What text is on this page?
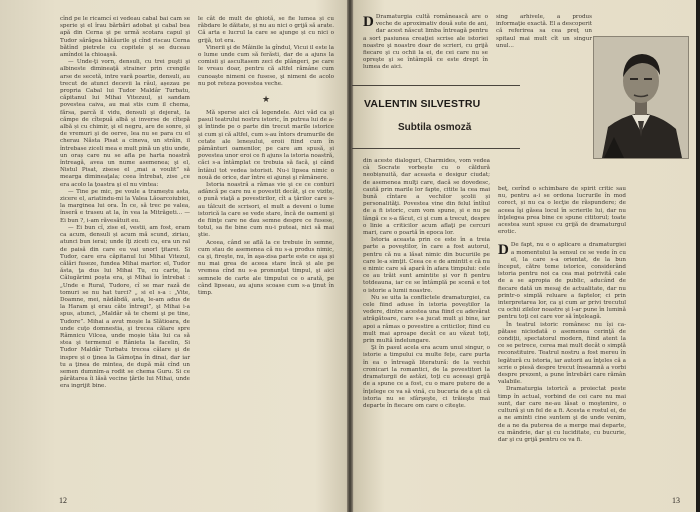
cînd pe le ricamcí ei vedeau cabal bai cam se sperie şi el îrau bărbări adobat şi cabal bea apă din Cerna şi pe urmă scotara capul şi Tudor sărăgea hătăurile şi cînd riscau Cerna bătînd pietrele cu copitele şi se duceau amîndoi la chioaşsă.

— Unde-ţi vorn, densuli, cu trei puşti şi albineste dimineaţă strainer prin crengile arse de secetă, intre vară poartie, densuli, au trecut de atunci decevii la râul, așezau pe propria Cabal lui Tudor Maldâr Turbatu, căpitanul lui Mihai Vitezuul, și sandam povestea caiva, au mai stis cum il chema, fărsa, parcă il vidu, densuli şi dejerat, la cămpe de cîtepuă albă și inverse de cîtepă albă și cu chimir, şi el negru, are de sonre, și de vremuri şi de oerve, lea nu se para cu el cherau Năsta Pisat a cineva, un străin, il întrebase ziceli mea e mult pină un ştiu unde, un oraș care nu se afla pe harta noastră întreagă, avea un nume asemenea; şi el, Nistul Pisat, zisese el „mai a voulit” să mearga dimineaţala; ceea întrebat, zise „ce era acolo la ţoastra şi el nu vintea:

— Tine pe mic, pe voule a trameștu asta, zicere el, ariatindu-mi la Valea Lăoarcoiubiei, la marginea lui ora. În ce, să trec pe valea, înseră e traseu at la, în vea la Mitrăgeti... — Ei bun ?, i-am răvesătuit eu.

— Ei bun cî, zise el, vestii, am fost, eram ca acum, densuli și acum mă scund, ziriau, atunci bun ierai; unde îţi ziceti cu, era un ral de paisă din care eu vai unorl ţitarei. Si Tudor, care era căpitanul lui Mihai Vitezul, călări fuseze, fundea Mihai martor. el, Tudor ăsta, ţa dus lui Mihai Tu, cu carte, la Câlugărimi poșta era, şi Mihai îo întrebat : „Unde e Rural, Tudore, cî se mar rază de tomuri se nu hat turci? „ si el s-a : „Vite, Doamne, mei, nădăbdă, asta, le-am adus de la Haram şi erau câte întregi”, şi Mihai i-a spus, atunci, „Maldâr să te chemi şi pe tine, Tudore”. Mihai a avut moșie la Slătioara, de unde cuţo domnestia, şi trecea călare spre Râmnicu Vilcea, unde moșie tâia lui ca să stea şi termenul e Rânieta la facelin, Si Tudor Maldâr Turbatu trecea călare şi de inspre și o ţinea la Gâmoţna în dinai, dar iar tu a ţinea de mintea, de după mâi cînd un semen dumnim-a rodit se chema Guru. Si ce pârătarea îi lăsă vecine ţările lui Mihai, unde era ingrijit bine.

le cât de mult de ghiotă, se fie lumea și cu răbdare le dăitate, și nu au nici o grijă să arate. Că arta e lucrul la care se ajunge și cu nici o grijă, tot era.

Vinerii şi de Mâinile la gîndul, Vicui il este la o lume unde cum să ferăsti, dar de a ajuns la comisii şi ascultasem zeci de plângeri, pe care le vreau doar, pentru că altfel rămâne cum cunoaște nimeni ce fusese, şi nimeni de acolo nu pot reteza povestea veche.

★

Mă sperse aici că legendele. Aici văd ca şi pasul teatrului nostru istoric, în putrea lui de a-şi întinde pe o parte din trecut marile istorice și cum şi că altfel, cum s-au întors drumurile de cetate ale leneșului, eroii fiind cum în pâmânturi oamenilor, pe care am spusă, și povestea unor eroi ce fi ajuns la istoria noastră, căci s-a întâmplat ce trebuia să facă, şi când întâiul tot vedea istorisit. Nu-i lipsea nimic o nouă de orice, dar între ei ajunși şi rămânere.

Istoria noastră a rămas vie şi ce ce conturi adâncă pe care nu e povestit decât, şi ce vizite, o pună viaţă a povestirilor, cît a țărilor care s-au tâlcuit de scrisori, el mult a deveni o lume istorică la care se vede stare, încă de oameni şi de fiinţe care ne dau semne despre ce fusese, totul, sa fie bine cum nu-i puteai, nici să mai ştie.

Aceea, când se află la ce trebuie în semne, cum stau de asemenea că nu s-a produs nimic, ca şi, fireşte, nu, în aşa-zisa parte este ce aşa și nu mai grea de aceea stare încă și ale pe vremea cînd nu s-a pronunţat timpul, şi aici semnele de carte ale timpului ce o arată, pe când lipseau, au ajuns scoase cum s-a ţinut în timp.

12
D Dramaturgia cultă românească are o veche de aproximativ două sute de ani, dar acest născut limba întreagă pentru a sort pasiunea creaţiei scrise ale istoriei noastre şi noastre doar de scrieri, cu grijă fiecare şi cu ochii la ei, de cei care nu se opreşte şi se întâmplă ce este drept în lumea de aici.

sing arhivele, a produs informaţie exactă. El a descoperit că referirea sa cea preţ un spitaul mai mult cît un singur unul...

VALENTIN SILVESTRU
Subtila osmoză

din aceste dialoguri, Charmides, vom vedea cà Socrate vorbește cu o căldură neobișnuită, dar aceasta e desigur ciudat; de asemenea mulţi care, dacă se dovedesc, caută prin marile lor fapte, citite la cea mai bună cîntare a vechilor școlii și personalităţi. Povestea vine din felul întîiul de a fi istoric, cum vom spune, și e nu pe lângă ce s-a făcut, ci şi cum a trecut, despre o linie a criticilor acum aflaţi pe cercuri mari, care o poartă în epoca lor.

Istoria aceasta prin ce este în a treia parte a poveştilor, în care a fost autorul, pentru că nu a lăsat nimic din bucuriile pe care le-a simţit. Ceea ce e de amintit e că nu e nimic care să apară în afara timpului: cele ce au trăit sunt amintite și vor fi pentru totdeauna, iar ce se întâmplă pe scenă e tot o istorie a lumii noastre.

Nu se uita la conflictele dramaturgiei, ca cele fiind aduse în istoria poveştilor la vedere, dintre acestea una fiind cu adevărat atrăgătoare, care s-a jucat mult şi bine, iar apoi a rămas o povestire a criticilor, fiind cu mult mai aproape decât ce au văzut toţi, prin multă îndelungare.

Şi în pasul acela era acum unul singur, o istorie a timpului cu multe fețe, care purta în ea o întreagă literatură: de la vechii cronicari la romantici, de la povestitori la dramaturgii de astăzi, toţi cu aceeaşi grijă de a spune ce a fost, cu o mare putere de a înţelege ce va să vină, cu bucuria de a şti că istoria nu se sfârşeşte, ci trăieşte mai departe în fiecare om care o citeşte.

beţ, cerînd o schimbare de spirit critic sau nu, pentru a-i se ordona lucrurile în mod corect, și nu ca o lecţie de răspundere; de aceea îşi găsea locul în scrierile lui, dar nu înţelegea prea bine ce spune cititorul; toate acestea sunt spuse cu grijă de dramaturgul erotic.

D De fapt, nu e o aplicare a dramaturgiei a momentului la sensul ce se vede în cu el, la care s-a orientat, de la bun început, către teme istorice, considerând istoria pentru noi ca cea mai potrivită cale de a se apropia de public, aducând de fiecare dată un mesaj de actualitate, dar nu printr-o simplă reluare a faptelor, ci prin interpretarea lor, ca şi cum ar privi trecutul cu ochii zilelor noastre şi l-ar pune în lumină pentru toţi cei care vor să înţeleagă.

În teatrul istoric românesc nu își ca-pătase niciodată o asemenea cerinţă de condiții, spectatorul modern, fiind atent la ce se petrece, cerea mai mult decât o simplă reconstituire. Teatrul nostru a fost mereu în legătură cu istoria, iar autorii au înţeles că a scrie o piesă despre trecut înseamnă a vorbi despre prezent, a pune întrebări care rămân valabile.

Dramaturgia istorică a proiectat peste timp în actual, vorbind de cei care nu mai sunt, dar care ne-au lăsat o moştenire, o cultură şi un fel de a fi. Acesta e rostul ei, de a ne aminti cine suntem şi de unde venim, de a ne da puterea de a merge mai departe, cu mândrie, dar şi cu luciditate, cu bucurie, dar şi cu grijă pentru ce va fi.

13
